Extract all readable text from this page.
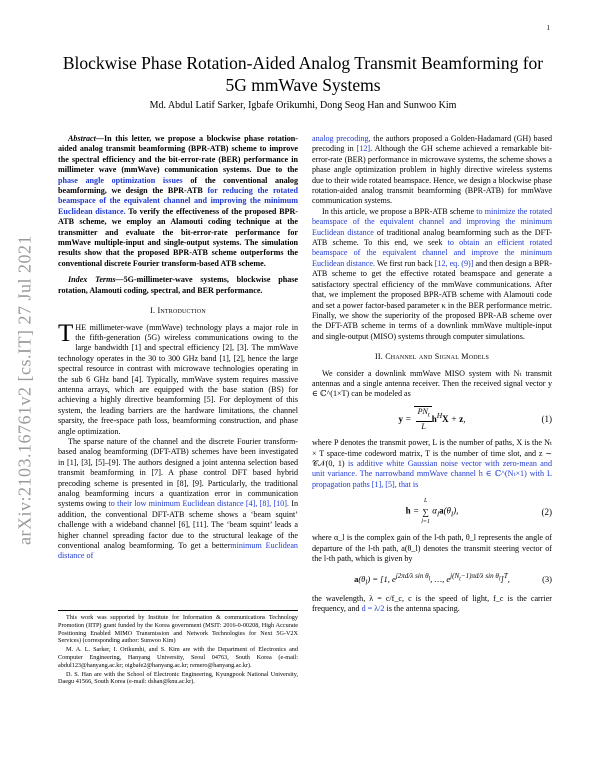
1
arXiv:2103.16761v2 [cs.IT] 27 Jul 2021
Blockwise Phase Rotation-Aided Analog Transmit Beamforming for 5G mmWave Systems
Md. Abdul Latif Sarker, Igbafe Orikumhi, Dong Seog Han and Sunwoo Kim

Abstract—In this letter, we propose a blockwise phase rotation-aided analog transmit beamforming (BPR-ATB) scheme to improve the spectral efficiency and the bit-error-rate (BER) performance in millimeter wave (mmWave) communication systems. Due to the phase angle optimization issues of the conventional analog beamforming, we design the BPR-ATB for reducing the rotated beamspace of the equivalent channel and improving the minimum Euclidean distance. To verify the effectiveness of the proposed BPR-ATB scheme, we employ an Alamouti coding technique at the transmitter and evaluate the bit-error-rate performance for mmWave multiple-input and single-output systems. The simulation results show that the proposed BPR-ATB scheme outperforms the conventional discrete Fourier transform-based ATB scheme.

Index Terms—5G-millimeter-wave systems, blockwise phase rotation, Alamouti coding, spectral, and BER performance.

I. Introduction

THE millimeter-wave (mmWave) technology plays a major role in the fifth-generation (5G) wireless communications owing to the large bandwidth [1] and spectral efficiency [2], [3]. The mmWave technology operates in the 30 to 300 GHz band [1], [2], hence the large spectral resource in contrast with microwave technologies operating in the sub 6 GHz band [4]. Typically, mmWave system requires massive antenna arrays, which are equipped with the base station (BS) for achieving a highly directive beamforming [5]. For deployment of this system, the leading barriers are the hardware limitations, the channel sparsity, the free-space path loss, beamforming construction, and phase angle optimization.

The sparse nature of the channel and the discrete Fourier transform-based analog beamforming (DFT-ATB) schemes have been investigated in [1], [3], [5]–[9]. The authors designed a joint antenna selection based transmit beamforming in [7]. A phase control DFT based hybrid precoding scheme is presented in [8], [9]. Particularly, the traditional analog beamforming incurs a quantization error in communication systems owing to their low minimum Euclidean distance [4], [8], [10]. In addition, the conventional DFT-ATB scheme shows a ‘beam squint’ challenge with a wideband channel [6], [11]. The ‘beam squint’ leads a higher channel spreading factor due to the structural leakage of the conventional analog beamforming. To get a betterminimum Euclidean distance of

This work was supported by Institute for Information & communications Technology Promotion (IITP) grant funded by the Korea government (MSIT: 2016-0-00208, High Accurate Positioning Enabled MIMO Transmission and Network Technologies for Next 5G-V2X Services) (corresponding author: Sunwoo Kim)

M. A. L. Sarker, I. Orikumhi, and S. Kim are with the Department of Electronics and Computer Engineering, Hanyang University, Seoul 04763, South Korea (e-mail: abdul123@hanyang.ac.kr; oigbafe2@hanyang.ac.kr; remero@hanyang.ac.kr).

D. S. Han are with the School of Electronic Engineering, Kyungpook National University, Daegu 41566, South Korea (e-mail: dshan@knu.ac.kr).

analog precoding, the authors proposed a Golden-Hadamard (GH) based precoding in [12]. Although the GH scheme achieved a remarkable bit-error-rate (BER) performance in microwave systems, the scheme shows a phase angle optimization problem in highly directive wireless systems due to their wide rotated beamspace. Hence, we design a blockwise phase rotation-aided analog transmit beamforming (BPR-ATB) for mmWave communication systems.

In this article, we propose a BPR-ATB scheme to minimize the rotated beamspace of the equivalent channel and improving the minimum Euclidean distance of traditional analog beamforming such as the DFT-ATB scheme. To this end, we seek to obtain an efficient rotated beamspace of the equivalent channel and improve the minimum Euclidean distance. We first run back [12, eq. (9)] and then design a BPR-ATB scheme to get the effective rotated beamspace and generate a satisfactory spectral efficiency of the mmWave communications. After that, we implement the proposed BPR-ATB scheme with Alamouti code and set a power factor-based parameter κ in the BER performance metric. Finally, we show the superiority of the proposed BPR-AB scheme over the DFT-ATB scheme in terms of a downlink mmWave multiple-input and single-output (MISO) systems through computer simulations.

II. Channel and Signal Models

We consider a downlink mmWave MISO system with Nₜ transmit antennas and a single antenna receiver. Then the received signal vector y ∈ ℂ^(1×T) can be modeled as

$y = \frac{PN_t}{L} h^HX + z$,	(1)

where P denotes the transmit power, L is the number of paths, X is the Nₜ × T space-time codeword matrix, T is the number of time slot, and z ∼ 𝒞𝒩(0, 1) is additive white Gaussian noise vector with zero-mean and unit variance. The narrowband mmWave channel h ∈ ℂ^(Nₜ×1) with L propagation paths [1], [5], that is

h =
L
∑
l=1
$\alpha_la(\theta_l)$,	(2)

where α_l is the complex gain of the l-th path, θ_l represents the angle of departure of the l-th path, a(θ_l) denotes the transmit steering vector of the l-th path, which is given by

$a(\theta_l) = [1$, $e^{j2\pi d/\lambda sin \theta_l}$, …, $e^{j(N_t-1)\pi d/\lambda sin \theta_l}]^T$,	(3)

the wavelength, λ = c/f_c, c is the speed of light, f_c is the carrier frequency, and d = λ/2 is the antenna spacing.
